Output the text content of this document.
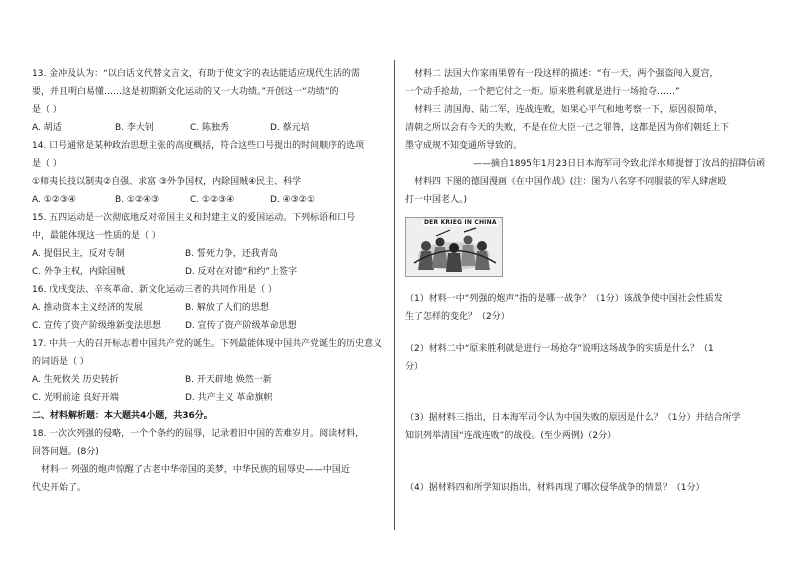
13. 金冲及认为：“以白话文代替文言文，有助于使文字的表达能适应现代生活的需
要，并且明白易懂……这是初期新文化运动的又一大功绩。”开创这一“功绩”的
是（ ）
A. 胡适	B. 李大钊	C. 陈独秀	D. 蔡元培
14. 口号通常是某种政治思想主张的高度概括，符合这些口号提出的时间顺序的选项
是（ ）
①师夷长技以制夷②自强、求富 ③外争国权，内除国贼④民主、科学
A. ①②③④	B. ①②④③	C. ①②③④	D. ④③②①
15. 五四运动是一次彻底地反对帝国主义和封建主义的爱国运动。下列标语和口号
中，最能体现这一性质的是（ ）
A. 提倡民主，反对专制	B. 誓死力争，还我青岛
C. 外争主权，内除国贼	D. 反对在对德“和约”上签字
16. 戊戌变法、辛亥革命、新文化运动三者的共同作用是（ ）
A. 推动资本主义经济的发展	B. 解放了人们的思想
C. 宣传了资产阶级维新变法思想	D. 宣传了资产阶级革命思想
17. 中共一大的召开标志着中国共产党的诞生。下列最能体现中国共产党诞生的历史意义
的词语是（ ）
A. 生死攸关 历史转折	B. 开天辟地 焕然一新
C. 光明前途 良好开端	D. 共产主义 革命旗帜
二、材料解析题：本大题共4小题，共36分。
18. 一次次列强的侵略，一个个条约的屈辱，记录着旧中国的苦难岁月。阅读材料，
回答问题。(8分)
材料一 列强的炮声惊醒了古老中华帝国的美梦，中华民族的屈辱史——中国近
代史开始了。
材料二 法国大作家雨果曾有一段这样的描述：“有一天，两个强盗闯入夏宫，
一个动手抢劫，一个把它付之一炬。原来胜利就是进行一场抢夺……”
材料三 清国海、陆二军，连战连败，如果心平气和地考察一下，原因很简单，
清朝之所以会有今天的失败，不是在位大臣一己之罪咎，这都是因为你们朝廷上下
墨守成规不知变通所导致的。
——摘自1895年1月23日日本海军司令致北洋水师提督丁汝昌的招降信函
材料四 下图的德国漫画《在中国作战》(注：图为八名穿不同服装的军人肆虐殴
打一中国老人。)
DER KRIEG IN CHINA
（1）材料一中“列强的炮声”指的是哪一战争？（1分）该战争使中国社会性质发
生了怎样的变化？（2分）
（2）材料二中“原来胜利就是进行一场抢夺”说明这场战争的实质是什么？（1
分）
（3）据材料三指出，日本海军司令认为中国失败的原因是什么？（1分）并结合所学
知识列举清国“连战连败”的战役。(至少两例)（2分）
（4）据材料四和所学知识指出，材料再现了哪次侵华战争的情景？（1分）
